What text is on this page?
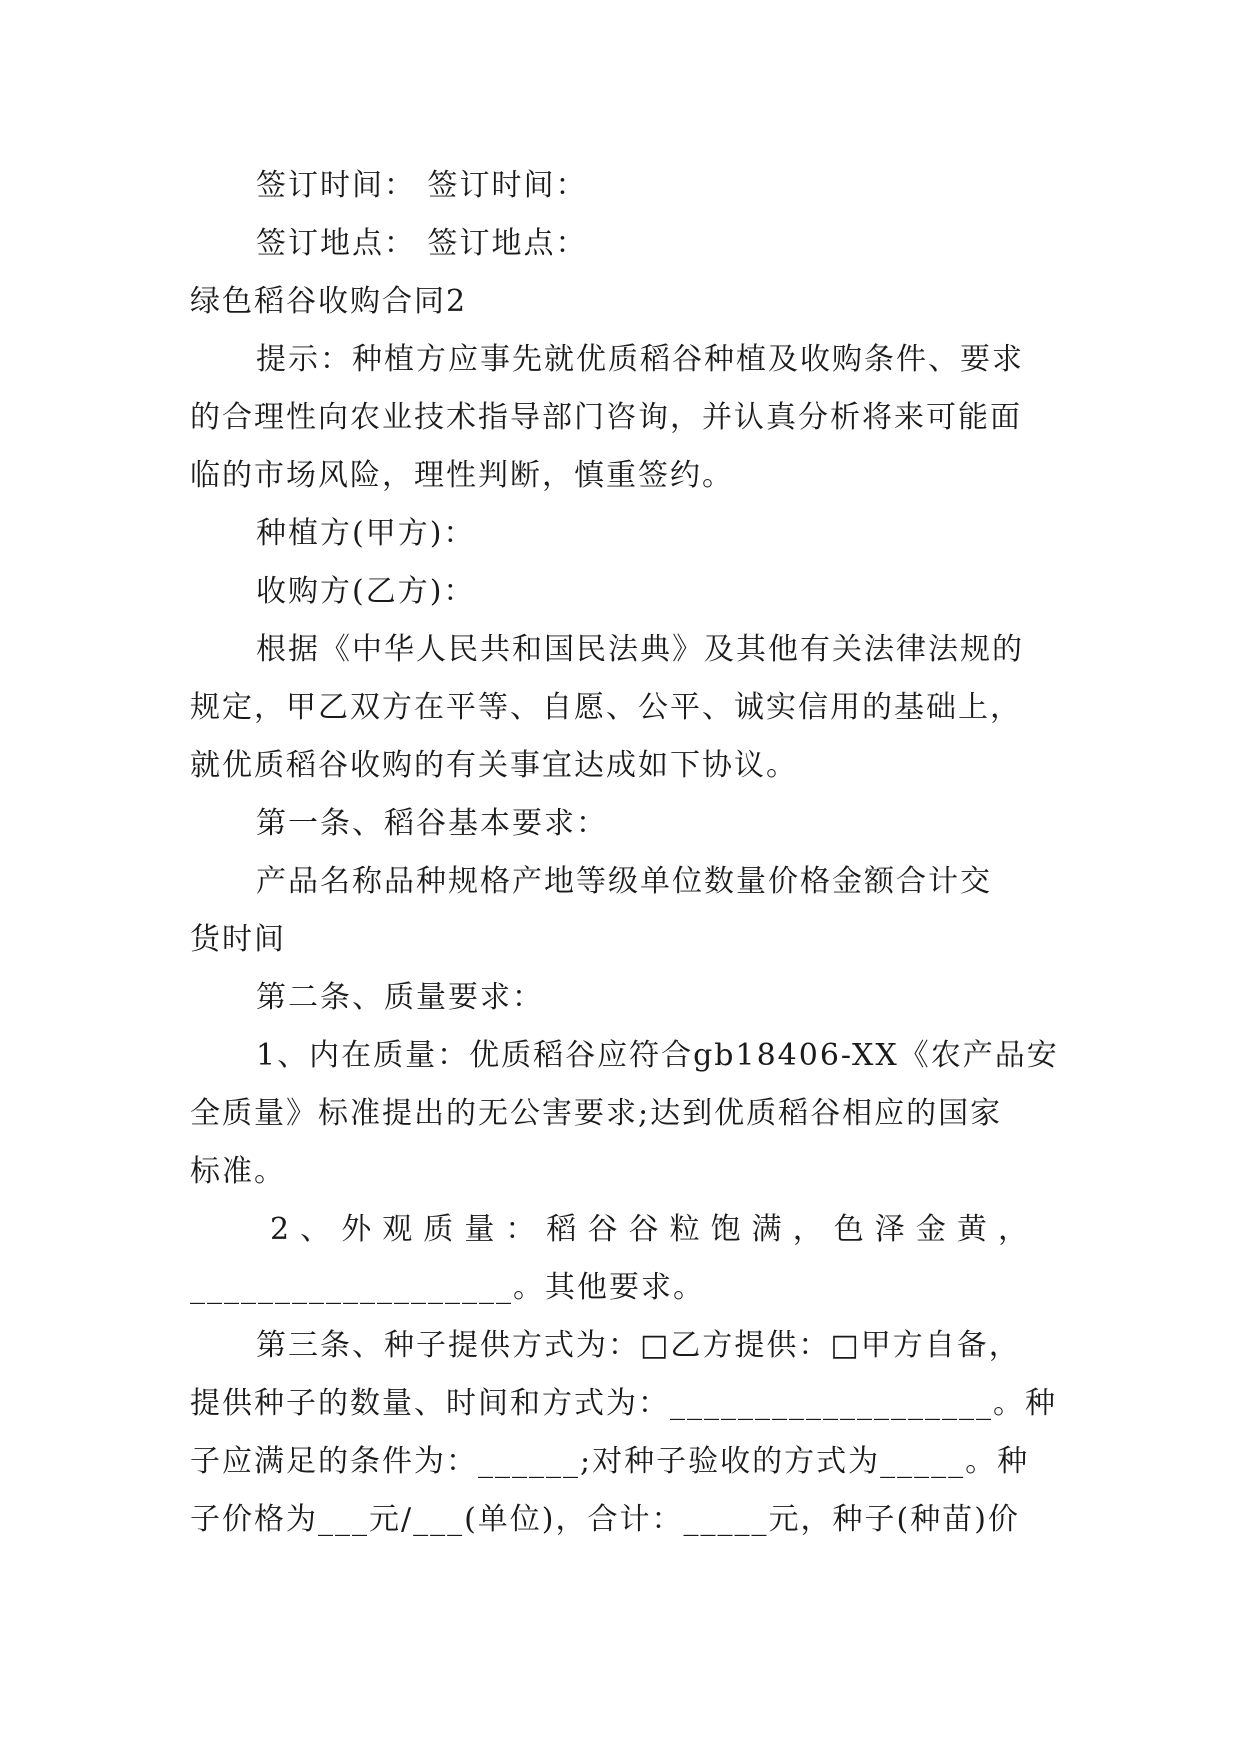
签订时间： 签订时间：
签订地点： 签订地点：
绿色稻谷收购合同2
提示：种植方应事先就优质稻谷种植及收购条件、要求
的合理性向农业技术指导部门咨询，并认真分析将来可能面
临的市场风险，理性判断，慎重签约。
种植方(甲方)：
收购方(乙方)：
根据《中华人民共和国民法典》及其他有关法律法规的
规定，甲乙双方在平等、自愿、公平、诚实信用的基础上，
就优质稻谷收购的有关事宜达成如下协议。
第一条、稻谷基本要求：
产品名称品种规格产地等级单位数量价格金额合计交
货时间
第二条、质量要求：
1、内在质量：优质稻谷应符合gb18406-XX《农产品安
全质量》标准提出的无公害要求;达到优质稻谷相应的国家
标准。
2 、 外 观 质 量 ： 稻 谷 谷 粒 饱 满 ， 色 泽 金 黄 ，
___________________。其他要求。
第三条、种子提供方式为：□乙方提供：□甲方自备，
提供种子的数量、时间和方式为：___________________。种
子应满足的条件为：______;对种子验收的方式为_____。种
子价格为___元/___(单位)，合计：_____元，种子(种苗)价
